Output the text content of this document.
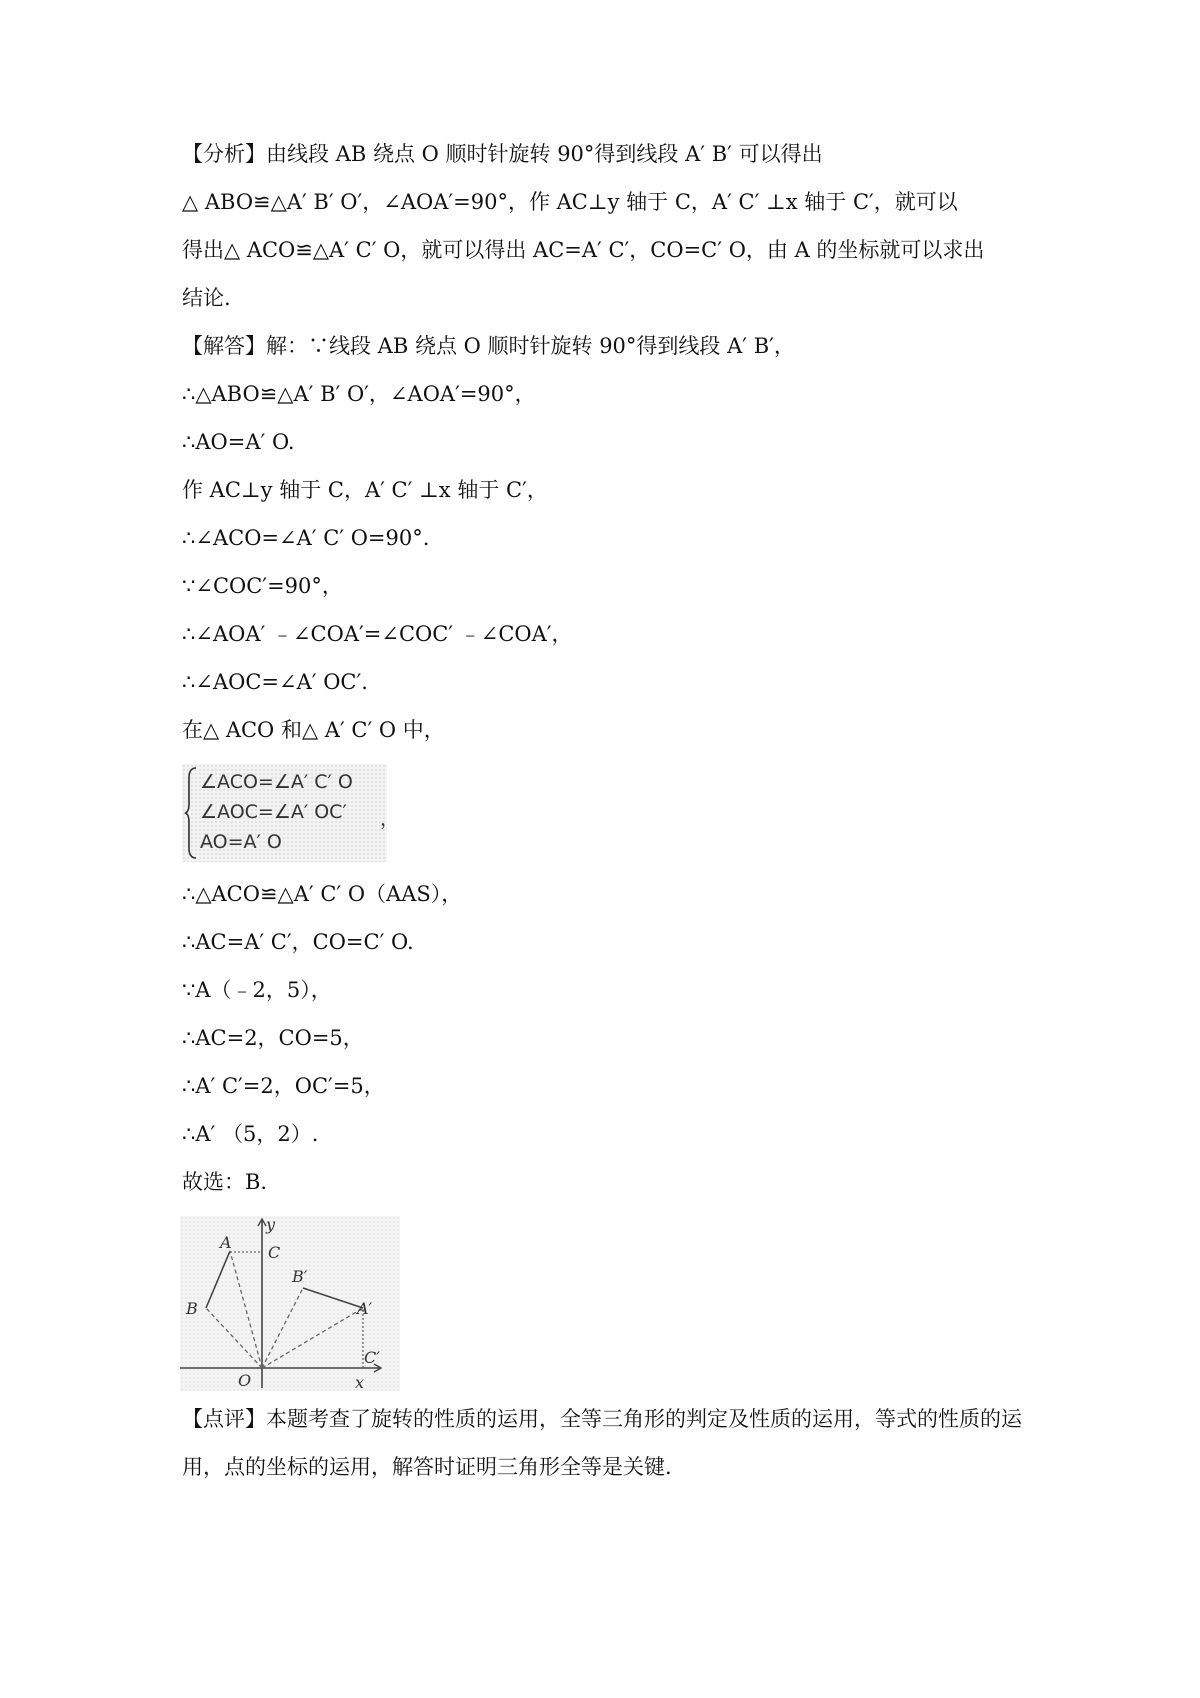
【分析】由线段 AB 绕点 O 顺时针旋转 90°得到线段 A′ B′ 可以得出
△ ABO≌△A′ B′ O′，∠AOA′=90°，作 AC⊥y 轴于 C，A′ C′ ⊥x 轴于 C′，就可以
得出△ ACO≌△A′ C′ O，就可以得出 AC=A′ C′，CO=C′ O，由 A 的坐标就可以求出
结论.
【解答】解：∵线段 AB 绕点 O 顺时针旋转 90°得到线段 A′ B′，
∴△ABO≌△A′ B′ O′，∠AOA′=90°，
∴AO=A′ O.
作 AC⊥y 轴于 C，A′ C′ ⊥x 轴于 C′，
∴∠ACO=∠A′ C′ O=90°.
∵∠COC′=90°，
∴∠AOA′ ﹣∠COA′=∠COC′ ﹣∠COA′，
∴∠AOC=∠A′ OC′.
在△ ACO 和△ A′ C′ O 中，
∠ACO=∠A′ C′ O
∠AOC=∠A′ OC′
AO=A′ O
，
∴△ACO≌△A′ C′ O（AAS），
∴AC=A′ C′，CO=C′ O.
∵A（﹣2，5），
∴AC=2，CO=5，
∴A′ C′=2，OC′=5，
∴A′ （5，2）.
故选：B.
y
x
O
A
B
C
B′
A′
C′
【点评】本题考查了旋转的性质的运用，全等三角形的判定及性质的运用，等式的性质的运
用，点的坐标的运用，解答时证明三角形全等是关键.
